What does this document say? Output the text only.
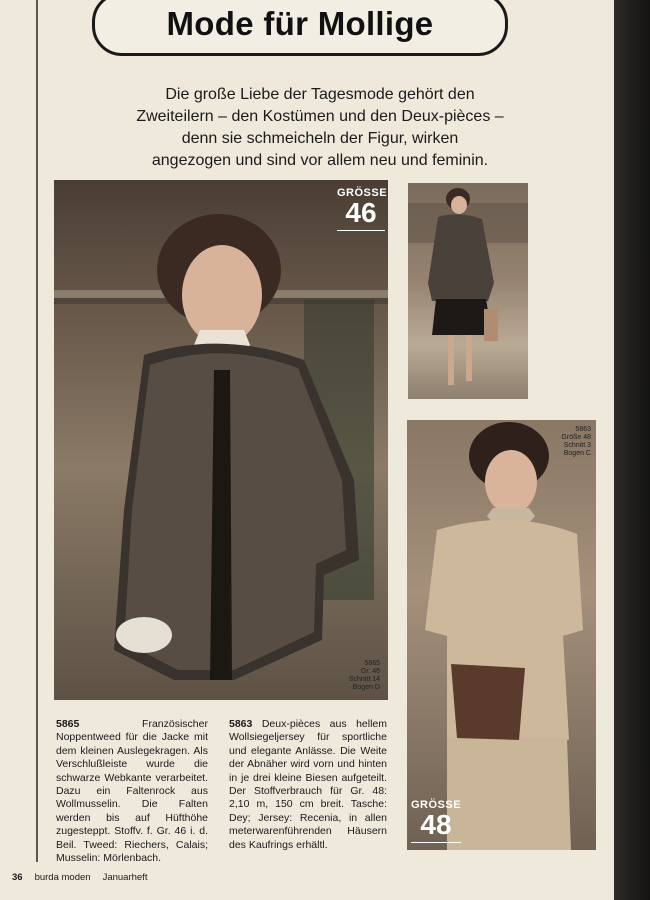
Mode für Mollige
Die große Liebe der Tagesmode gehört den
Zweiteilern – den Kostümen und den Deux-pièces –
denn sie schmeicheln der Figur, wirken
angezogen und sind vor allem neu und feminin.
GRÖSSE
46
5865
Gr. 46
Schnitt 14
Bogen D
5863
Größe 48
Schnitt 3
Bogen C
GRÖSSE
48
5865	Französischer Noppentweed für die Jacke mit dem kleinen Auslegekragen. Als Verschlußleiste wurde die schwarze Webkante verarbeitet. Dazu ein Faltenrock aus Wollmusselin. Die Falten werden bis auf Hüfthöhe zugesteppt. Stoffv. f. Gr. 46 i. d. Beil. Tweed: Riechers, Calais; Musselin: Mörlenbach.
5863 Deux-pièces aus hellem Wollsiegeljersey für sportliche und elegante Anlässe. Die Weite der Abnäher wird vorn und hinten in je drei kleine Biesen aufgeteilt. Der Stoffverbrauch für Gr. 48: 2,10 m, 150 cm breit. Tasche: Dey; Jersey: Recenia, in allen meterwarenführenden Häusern des Kaufrings erhältl.
36 burda moden Januarheft
